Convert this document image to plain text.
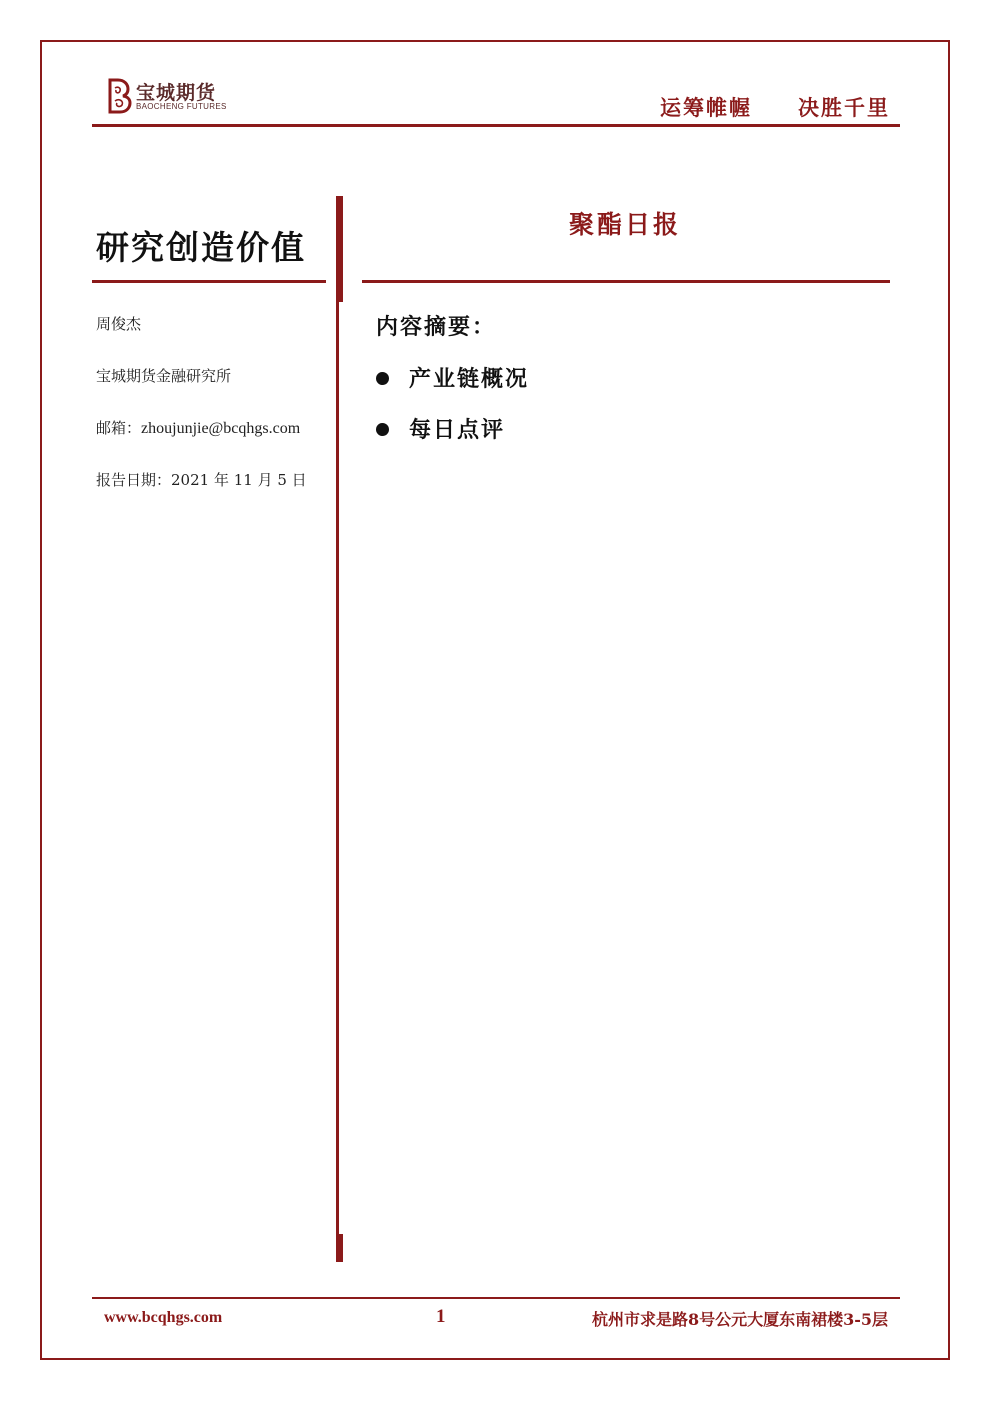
宝城期货
BAOCHENG FUTURES	运筹帷幄 决胜千里
研究创造价值
周俊杰
宝城期货金融研究所
邮箱：zhoujunjie@bcqhgs.com
报告日期：2021 年 11 月 5 日
聚酯日报
内容摘要：
产业链概况
每日点评
www.bcqhgs.com	1	杭州市求是路8号公元大厦东南裙楼3-5层
